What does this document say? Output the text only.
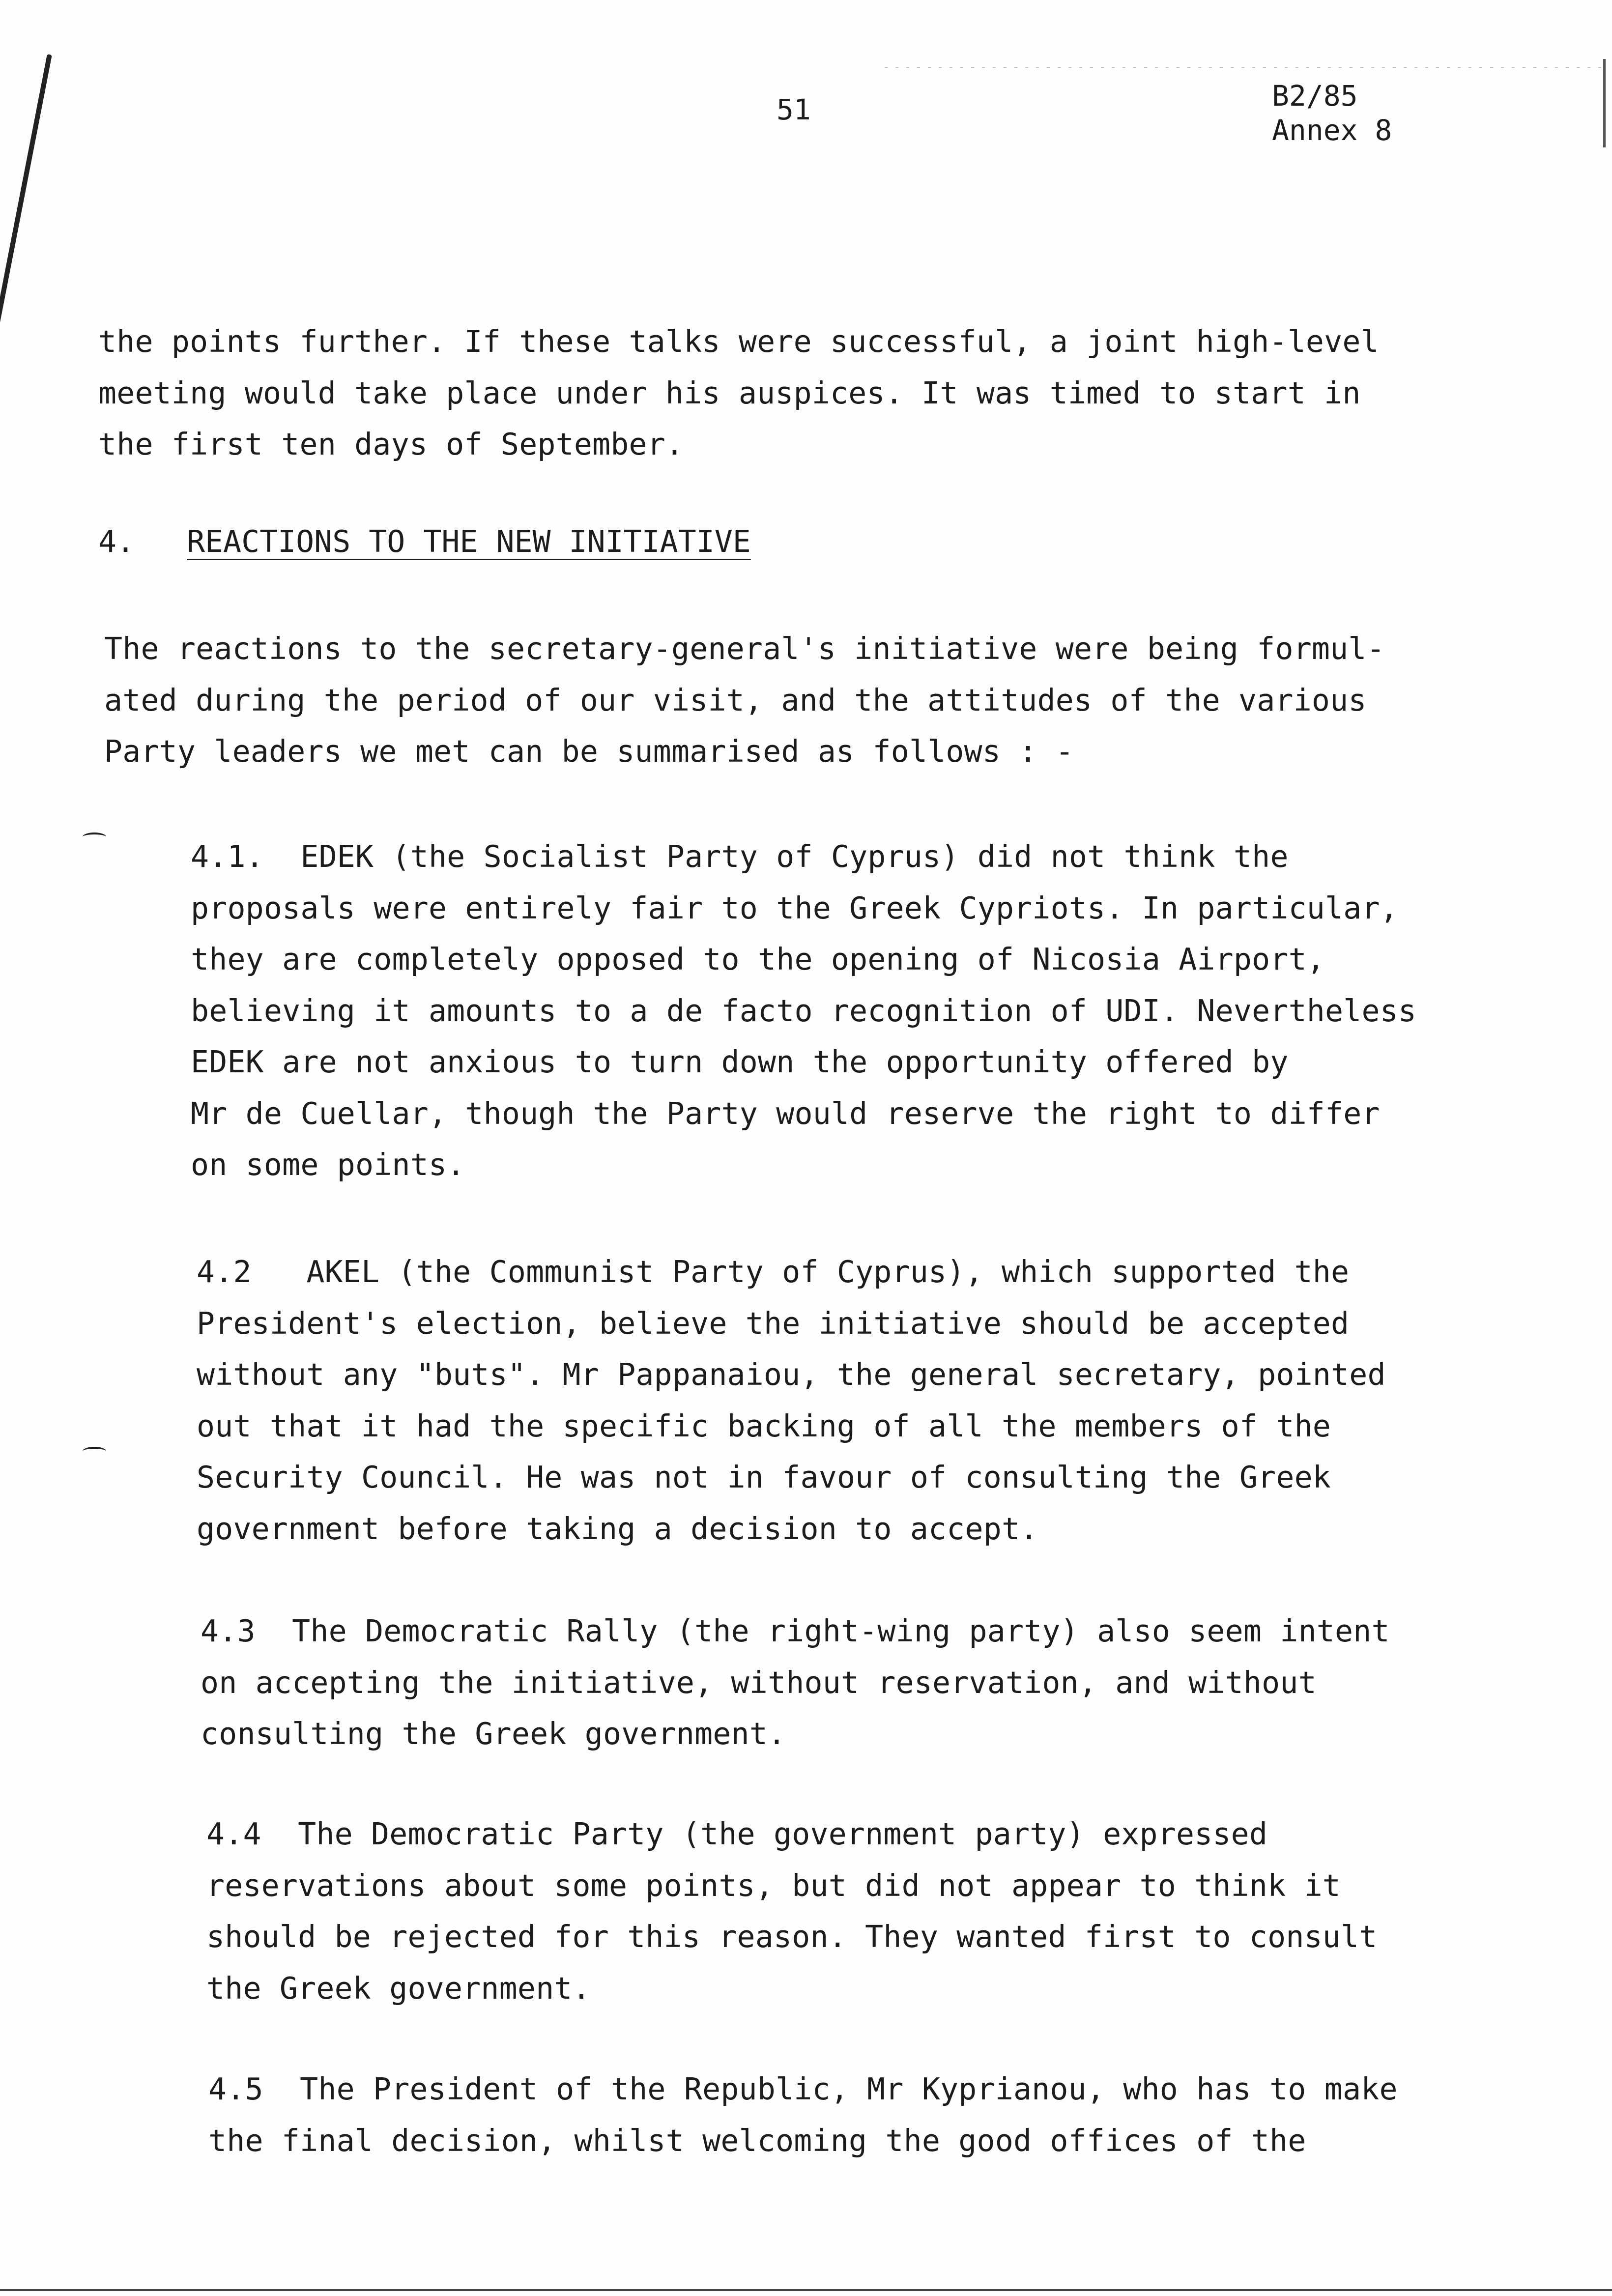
51	B2/85
Annex 8

the points further. If these talks were successful, a joint high-level
meeting would take place under his auspices. It was timed to start in
the first ten days of September.

4. REACTIONS TO THE NEW INITIATIVE

The reactions to the secretary-general's initiative were being formul-
ated during the period of our visit, and the attitudes of the various
Party leaders we met can be summarised as follows : -

4.1.  EDEK (the Socialist Party of Cyprus) did not think the
proposals were entirely fair to the Greek Cypriots. In particular,
they are completely opposed to the opening of Nicosia Airport,
believing it amounts to a de facto recognition of UDI. Nevertheless
EDEK are not anxious to turn down the opportunity offered by
Mr de Cuellar, though the Party would reserve the right to differ
on some points.

4.2   AKEL (the Communist Party of Cyprus), which supported the
President's election, believe the initiative should be accepted
without any "buts". Mr Pappanaiou, the general secretary, pointed
out that it had the specific backing of all the members of the
Security Council. He was not in favour of consulting the Greek
government before taking a decision to accept.

4.3  The Democratic Rally (the right-wing party) also seem intent
on accepting the initiative, without reservation, and without
consulting the Greek government.

4.4  The Democratic Party (the government party) expressed
reservations about some points, but did not appear to think it
should be rejected for this reason. They wanted first to consult
the Greek government.

4.5  The President of the Republic, Mr Kyprianou, who has to make
the final decision, whilst welcoming the good offices of the
